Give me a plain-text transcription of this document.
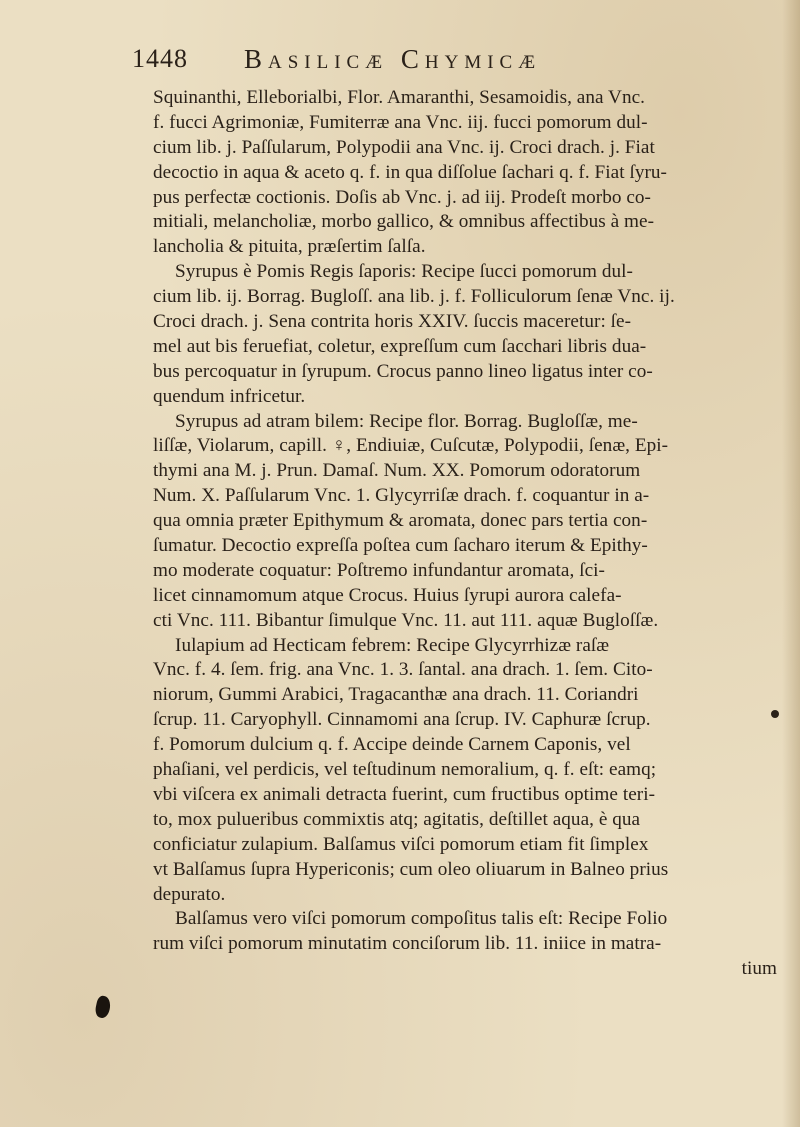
1448 Basilicæ Chymicæ
Squinanthi, Elleborialbi, Flor. Amaranthi, Sesamoidis, ana Vnc.
f. fucci Agrimoniæ, Fumiterræ ana Vnc. iij. fucci pomorum dul-
cium lib. j. Paſſularum, Polypodii ana Vnc. ij. Croci drach. j. Fiat
decoctio in aqua & aceto q. f. in qua diſſolue ſachari q. f. Fiat ſyru-
pus perfectæ coctionis. Doſis ab Vnc. j. ad iij. Prodeſt morbo co-
mitiali, melancholiæ, morbo gallico, & omnibus affectibus à me-
lancholia & pituita, præſertim ſalſa.
Syrupus è Pomis Regis ſaporis: Recipe ſucci pomorum dul-
cium lib. ij. Borrag. Bugloſſ. ana lib. j. f. Folliculorum ſenæ Vnc. ij.
Croci drach. j. Sena contrita horis XXIV. ſuccis maceretur: ſe-
mel aut bis feruefiat, coletur, expreſſum cum ſacchari libris dua-
bus percoquatur in ſyrupum. Crocus panno lineo ligatus inter co-
quendum infricetur.
Syrupus ad atram bilem: Recipe flor. Borrag. Bugloſſæ, me-
liſſæ, Violarum, capill. ♀, Endiuiæ, Cuſcutæ, Polypodii, ſenæ, Epi-
thymi ana M. j. Prun. Damaſ. Num. XX. Pomorum odoratorum
Num. X. Paſſularum Vnc. 1. Glycyrriſæ drach. f. coquantur in a-
qua omnia præter Epithymum & aromata, donec pars tertia con-
ſumatur. Decoctio expreſſa poſtea cum ſacharo iterum & Epithy-
mo moderate coquatur: Poſtremo infundantur aromata, ſci-
licet cinnamomum atque Crocus. Huius ſyrupi aurora calefa-
cti Vnc. 111. Bibantur ſimulque Vnc. 11. aut 111. aquæ Bugloſſæ.
Iulapium ad Hecticam febrem: Recipe Glycyrrhizæ raſæ
Vnc. f. 4. ſem. frig. ana Vnc. 1. 3. ſantal. ana drach. 1. ſem. Cito-
niorum, Gummi Arabici, Tragacanthæ ana drach. 11. Coriandri
ſcrup. 11. Caryophyll. Cinnamomi ana ſcrup. IV. Caphuræ ſcrup.
f. Pomorum dulcium q. f. Accipe deinde Carnem Caponis, vel
phaſiani, vel perdicis, vel teſtudinum nemoralium, q. f. eſt: eamq;
vbi viſcera ex animali detracta fuerint, cum fructibus optime teri-
to, mox pulueribus commixtis atq; agitatis, deſtillet aqua, è qua
conficiatur zulapium. Balſamus viſci pomorum etiam fit ſimplex
vt Balſamus ſupra Hypericonis; cum oleo oliuarum in Balneo prius
depurato.
Balſamus vero viſci pomorum compoſitus talis eſt: Recipe Folio
rum viſci pomorum minutatim conciſorum lib. 11. iniice in matra-
tium
